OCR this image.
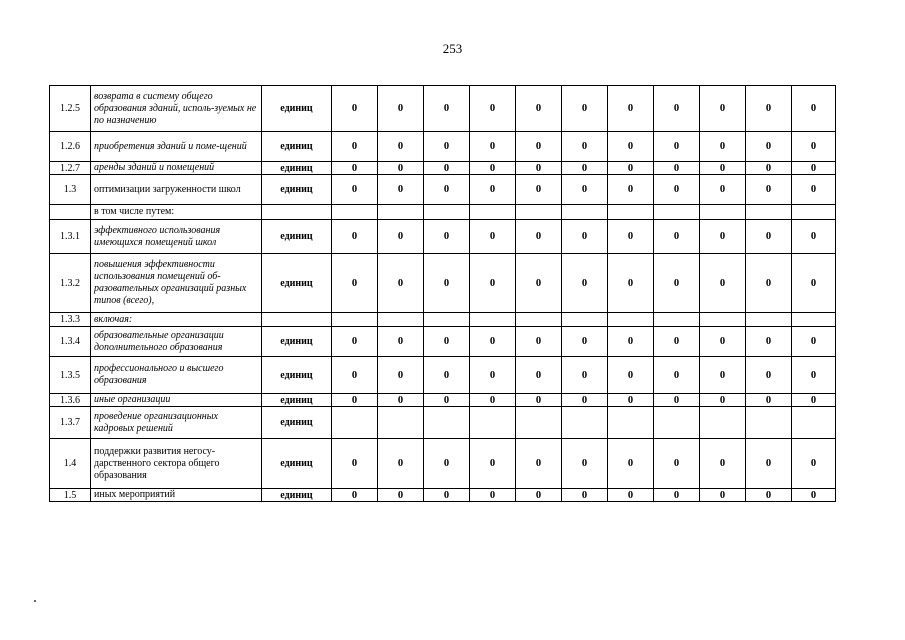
253
1.2.5	возврата в систему общего образования зданий, исполь-зуемых не по назначению	единиц	0	0	0	0	0	0	0	0	0	0	0
1.2.6	приобретения зданий и поме-щений	единиц	0	0	0	0	0	0	0	0	0	0	0
1.2.7	аренды зданий и помещений	единиц	0	0	0	0	0	0	0	0	0	0	0
1.3	оптимизации загруженности школ	единиц	0	0	0	0	0	0	0	0	0	0	0
	в том числе путем:												
1.3.1	эффективного использования имеющихся помещений школ	единиц	0	0	0	0	0	0	0	0	0	0	0
1.3.2	повышения эффективности использования помещений об-разовательных организаций разных типов (всего),	единиц	0	0	0	0	0	0	0	0	0	0	0
1.3.3	включая:												
1.3.4	образовательные организации дополнительного образования	единиц	0	0	0	0	0	0	0	0	0	0	0
1.3.5	профессионального и высшего образования	единиц	0	0	0	0	0	0	0	0	0	0	0
1.3.6	иные организации	единиц	0	0	0	0	0	0	0	0	0	0	0
1.3.7	проведение организационных кадровых решений	единиц											
1.4	поддержки развития негосу-дарственного сектора общего образования	единиц	0	0	0	0	0	0	0	0	0	0	0
1.5	иных мероприятий	единиц	0	0	0	0	0	0	0	0	0	0	0
